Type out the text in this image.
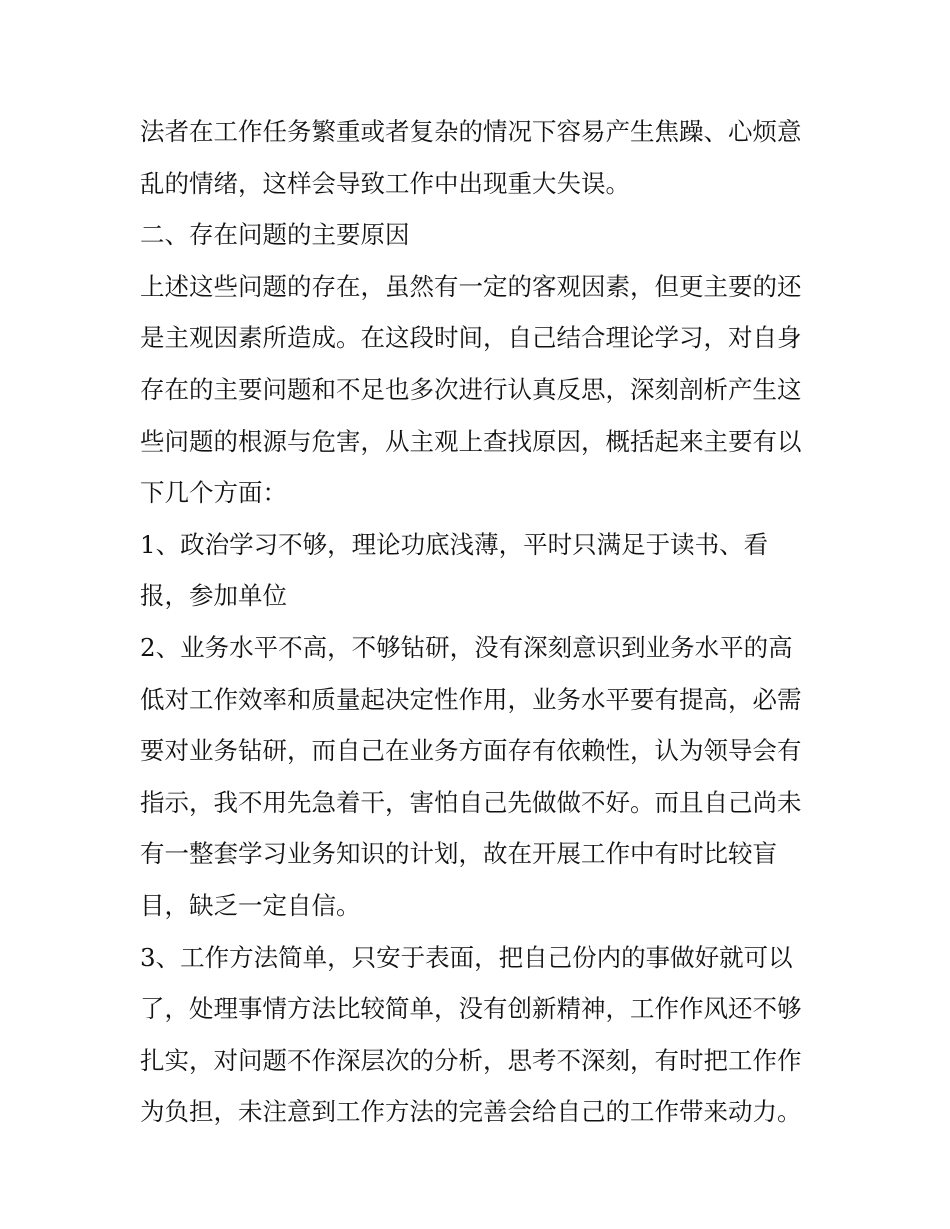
法者在工作任务繁重或者复杂的情况下容易产生焦躁、心烦意

乱的情绪，这样会导致工作中出现重大失误。

二、存在问题的主要原因

上述这些问题的存在，虽然有一定的客观因素，但更主要的还

是主观因素所造成。在这段时间，自己结合理论学习，对自身

存在的主要问题和不足也多次进行认真反思，深刻剖析产生这

些问题的根源与危害，从主观上查找原因，概括起来主要有以

下几个方面：

1、政治学习不够，理论功底浅薄，平时只满足于读书、看

报，参加单位

2、业务水平不高，不够钻研，没有深刻意识到业务水平的高

低对工作效率和质量起决定性作用，业务水平要有提高，必需

要对业务钻研，而自己在业务方面存有依赖性，认为领导会有

指示，我不用先急着干，害怕自己先做做不好。而且自己尚未

有一整套学习业务知识的计划，故在开展工作中有时比较盲

目，缺乏一定自信。

3、工作方法简单，只安于表面，把自己份内的事做好就可以

了，处理事情方法比较简单，没有创新精神，工作作风还不够

扎实，对问题不作深层次的分析，思考不深刻，有时把工作作

为负担，未注意到工作方法的完善会给自己的工作带来动力。
